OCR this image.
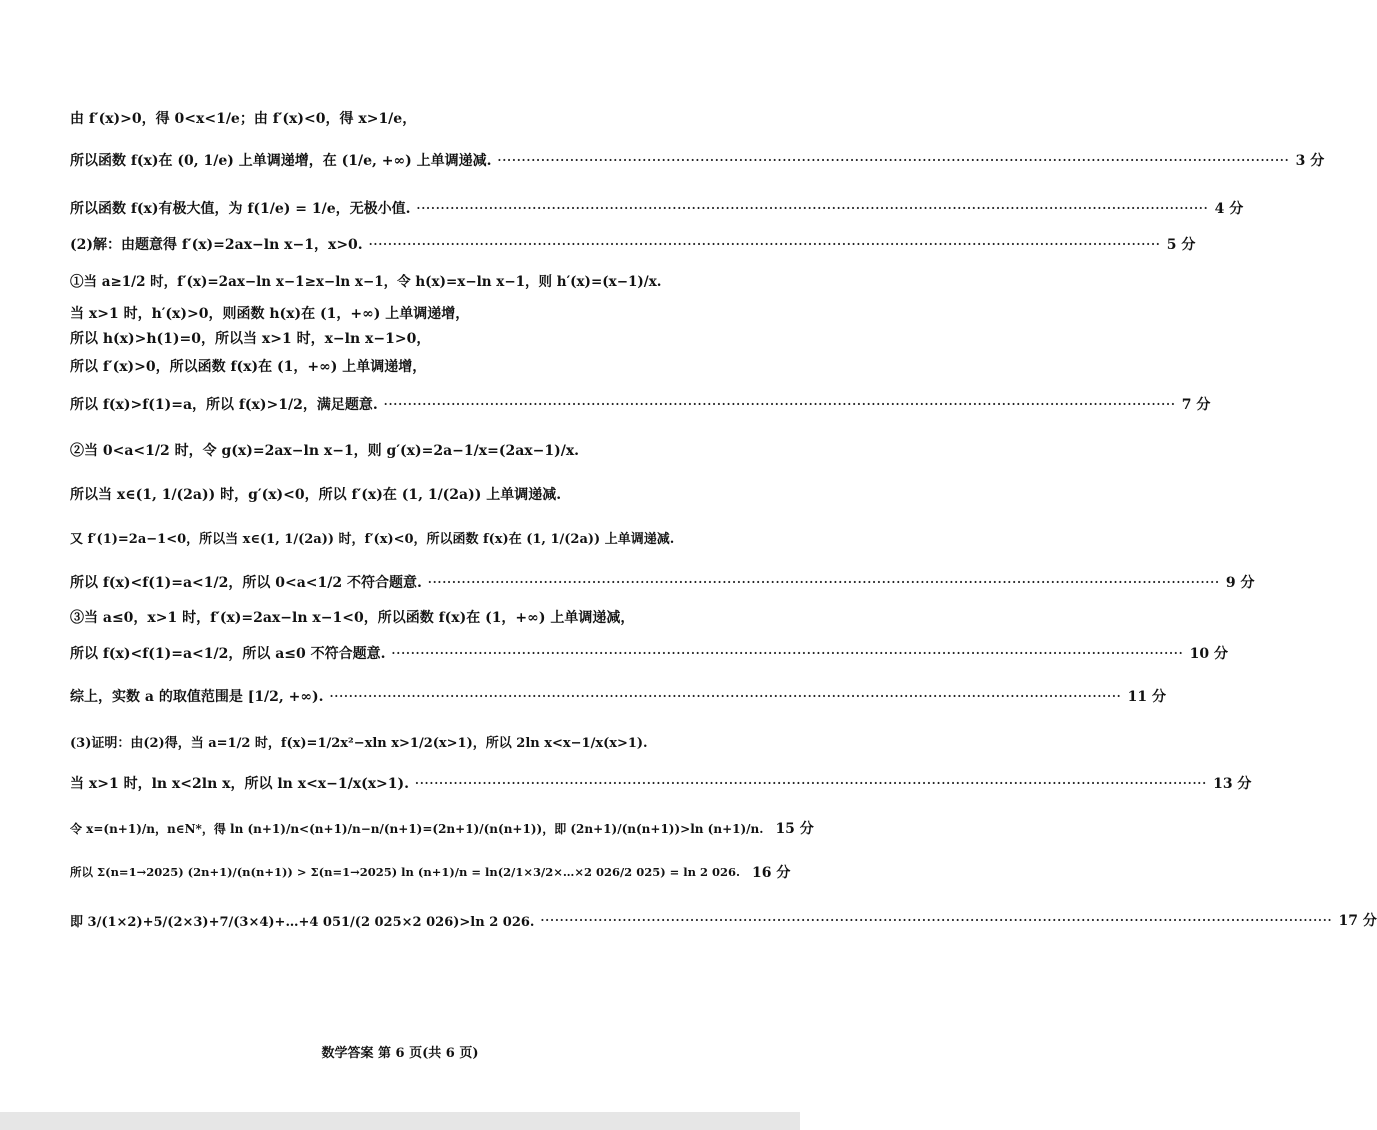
由 f′(x)>0，得 0<x<1/e；由 f′(x)<0，得 x>1/e，
所以函数 f(x)在 (0, 1/e) 上单调递增，在 (1/e, +∞) 上单调递减. ·····	3 分
所以函数 f(x)有极大值，为 f(1/e) = 1/e，无极小值. ·····	4 分
(2)解：由题意得 f′(x)=2ax−ln x−1，x>0. ·····	5 分
①当 a≥1/2 时，f′(x)=2ax−ln x−1≥x−ln x−1，令 h(x)=x−ln x−1，则 h′(x)=(x−1)/x.
当 x>1 时，h′(x)>0，则函数 h(x)在 (1，+∞) 上单调递增，
所以 h(x)>h(1)=0，所以当 x>1 时，x−ln x−1>0，
所以 f′(x)>0，所以函数 f(x)在 (1，+∞) 上单调递增，
所以 f(x)>f(1)=a，所以 f(x)>1/2，满足题意. ·····	7 分
②当 0<a<1/2 时，令 g(x)=2ax−ln x−1，则 g′(x)=2a−1/x=(2ax−1)/x.
所以当 x∈(1, 1/(2a)) 时，g′(x)<0，所以 f′(x)在 (1, 1/(2a)) 上单调递减.
又 f′(1)=2a−1<0，所以当 x∈(1, 1/(2a)) 时，f′(x)<0，所以函数 f(x)在 (1, 1/(2a)) 上单调递减.
所以 f(x)<f(1)=a<1/2，所以 0<a<1/2 不符合题意. ·····	9 分
③当 a≤0，x>1 时，f′(x)=2ax−ln x−1<0，所以函数 f(x)在 (1，+∞) 上单调递减，
所以 f(x)<f(1)=a<1/2，所以 a≤0 不符合题意. ·····	10 分
综上，实数 a 的取值范围是 [1/2, +∞). ·····	11 分
(3)证明：由(2)得，当 a=1/2 时，f(x)=1/2x²−xln x>1/2(x>1)，所以 2ln x<x−1/x(x>1).
当 x>1 时，ln x<2ln x，所以 ln x<x−1/x(x>1). ·····	13 分
令 x=(n+1)/n，n∈N*，得 ln (n+1)/n<(n+1)/n−n/(n+1)=(2n+1)/(n(n+1))，即 (2n+1)/(n(n+1))>ln (n+1)/n. 15 分
所以 Σ(n=1→2025) (2n+1)/(n(n+1)) > Σ(n=1→2025) ln (n+1)/n = ln(2/1×3/2×…×2 026/2 025) = ln 2 026. 16 分
即 3/(1×2)+5/(2×3)+7/(3×4)+…+4 051/(2 025×2 026)>ln 2 026. ·····	17 分
数学答案 第 6 页(共 6 页)
